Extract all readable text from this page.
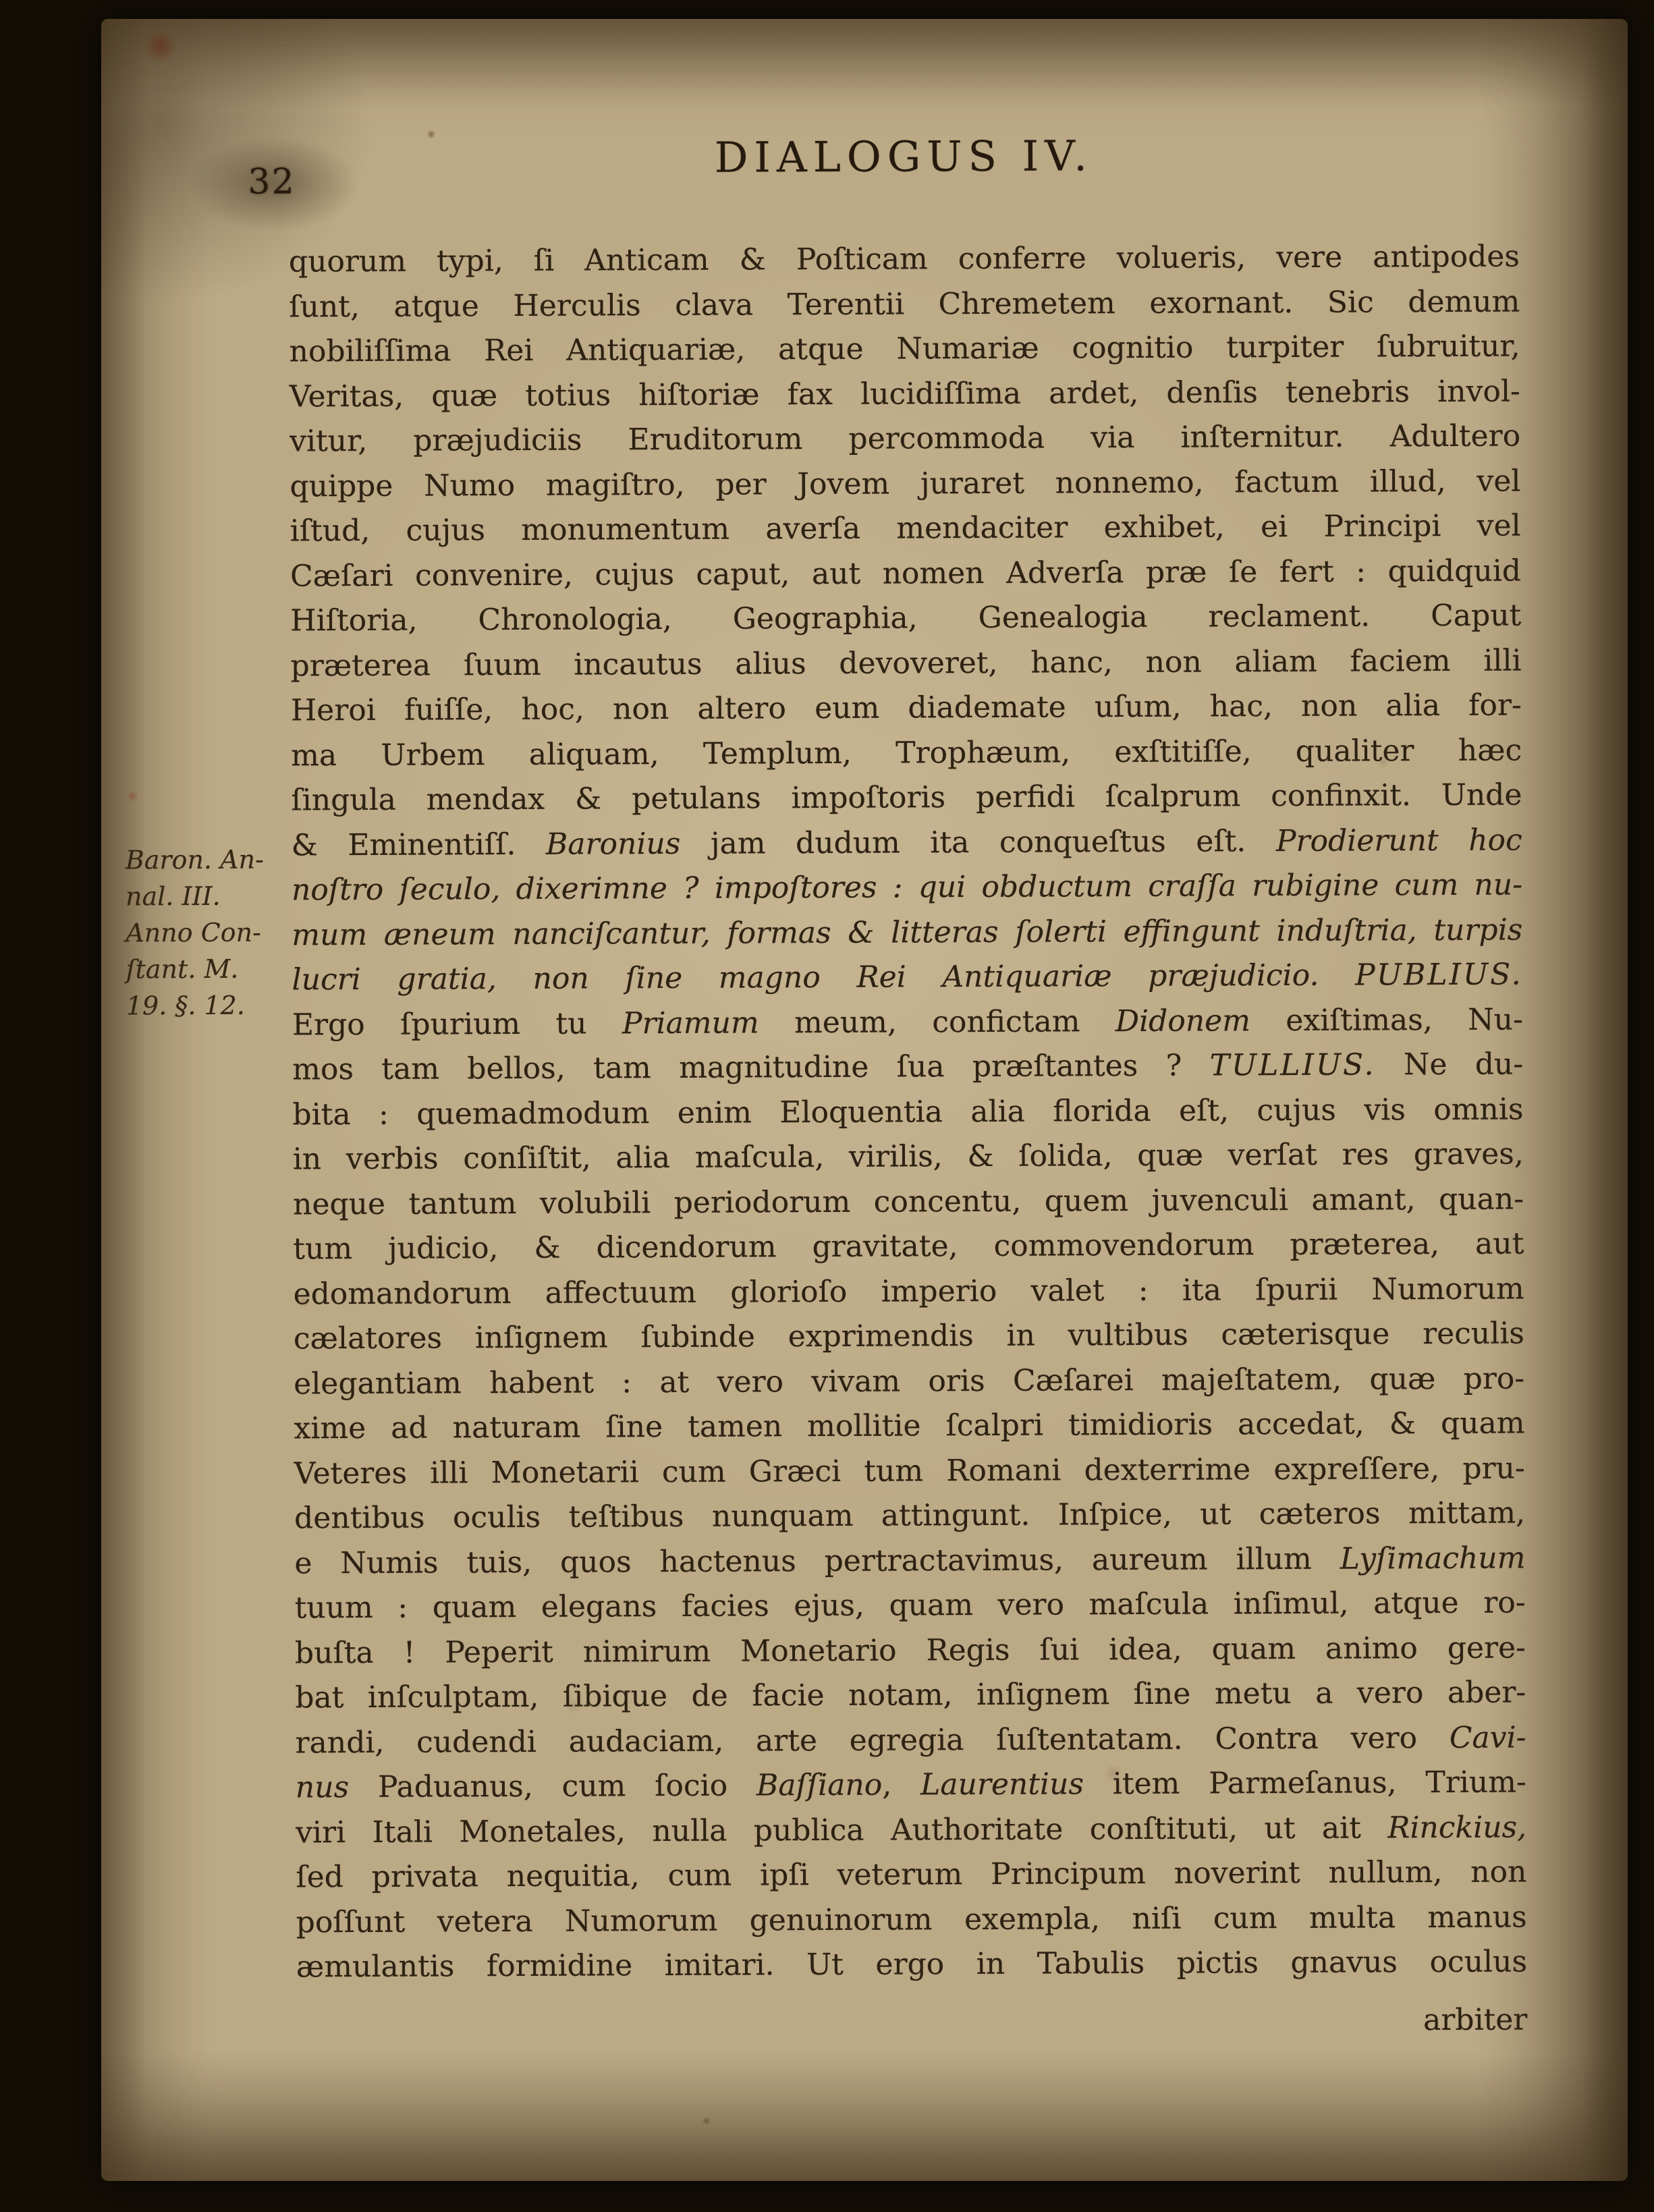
32	DIALOGUS IV.
Baron. An-
nal. III.
Anno Con-
ſtant. M.
19. §. 12.
quorum typi, ſi Anticam & Poſticam conferre volueris, vere antipodes
ſunt, atque Herculis clava Terentii Chremetem exornant. Sic demum
nobiliſſima Rei Antiquariæ, atque Numariæ cognitio turpiter ſubruitur,
Veritas, quæ totius hiſtoriæ fax lucidiſſima ardet, denſis tenebris invol-
vitur, præjudiciis Eruditorum percommoda via inſternitur. Adultero
quippe Numo magiſtro, per Jovem juraret nonnemo, factum illud, vel
iſtud, cujus monumentum averſa mendaciter exhibet, ei Principi vel
Cæſari convenire, cujus caput, aut nomen Adverſa præ ſe fert : quidquid
Hiſtoria, Chronologia, Geographia, Genealogia reclament. Caput
præterea ſuum incautus alius devoveret, hanc, non aliam faciem illi
Heroi fuiſſe, hoc, non altero eum diademate uſum, hac, non alia for-
ma Urbem aliquam, Templum, Trophæum, exſtitiſſe, qualiter hæc
ſingula mendax & petulans impoſtoris perfidi ſcalprum confinxit. Unde
& Eminentiſſ. Baronius jam dudum ita conqueſtus eſt. Prodierunt hoc
noſtro ſeculo, dixerimne ? impoſtores : qui obductum craſſa rubigine cum nu-
mum æneum nanciſcantur, formas & litteras ſolerti effingunt induſtria, turpis
lucri gratia, non ſine magno Rei Antiquariæ præjudicio. PUBLIUS.
Ergo ſpurium tu Priamum meum, confictam Didonem exiſtimas, Nu-
mos tam bellos, tam magnitudine ſua præſtantes ? TULLIUS. Ne du-
bita : quemadmodum enim Eloquentia alia florida eſt, cujus vis omnis
in verbis conſiſtit, alia maſcula, virilis, & ſolida, quæ verſat res graves,
neque tantum volubili periodorum concentu, quem juvenculi amant, quan-
tum judicio, & dicendorum gravitate, commovendorum præterea, aut
edomandorum affectuum glorioſo imperio valet : ita ſpurii Numorum
cælatores inſignem ſubinde exprimendis in vultibus cæterisque reculis
elegantiam habent : at vero vivam oris Cæſarei majeſtatem, quæ pro-
xime ad naturam ſine tamen mollitie ſcalpri timidioris accedat, & quam
Veteres illi Monetarii cum Græci tum Romani dexterrime expreſſere, pru-
dentibus oculis teſtibus nunquam attingunt. Inſpice, ut cæteros mittam,
e Numis tuis, quos hactenus pertractavimus, aureum illum Lyſimachum
tuum : quam elegans facies ejus, quam vero maſcula inſimul, atque ro-
buſta ! Peperit nimirum Monetario Regis ſui idea, quam animo gere-
bat inſculptam, ſibique de facie notam, inſignem ſine metu a vero aber-
randi, cudendi audaciam, arte egregia ſuſtentatam. Contra vero Cavi-
nus Paduanus, cum ſocio Baſſiano, Laurentius item Parmeſanus, Trium-
viri Itali Monetales, nulla publica Authoritate conſtituti, ut ait Rinckius,
ſed privata nequitia, cum ipſi veterum Principum noverint nullum, non
poſſunt vetera Numorum genuinorum exempla, niſi cum multa manus
æmulantis formidine imitari. Ut ergo in Tabulis pictis gnavus oculus
arbiter
